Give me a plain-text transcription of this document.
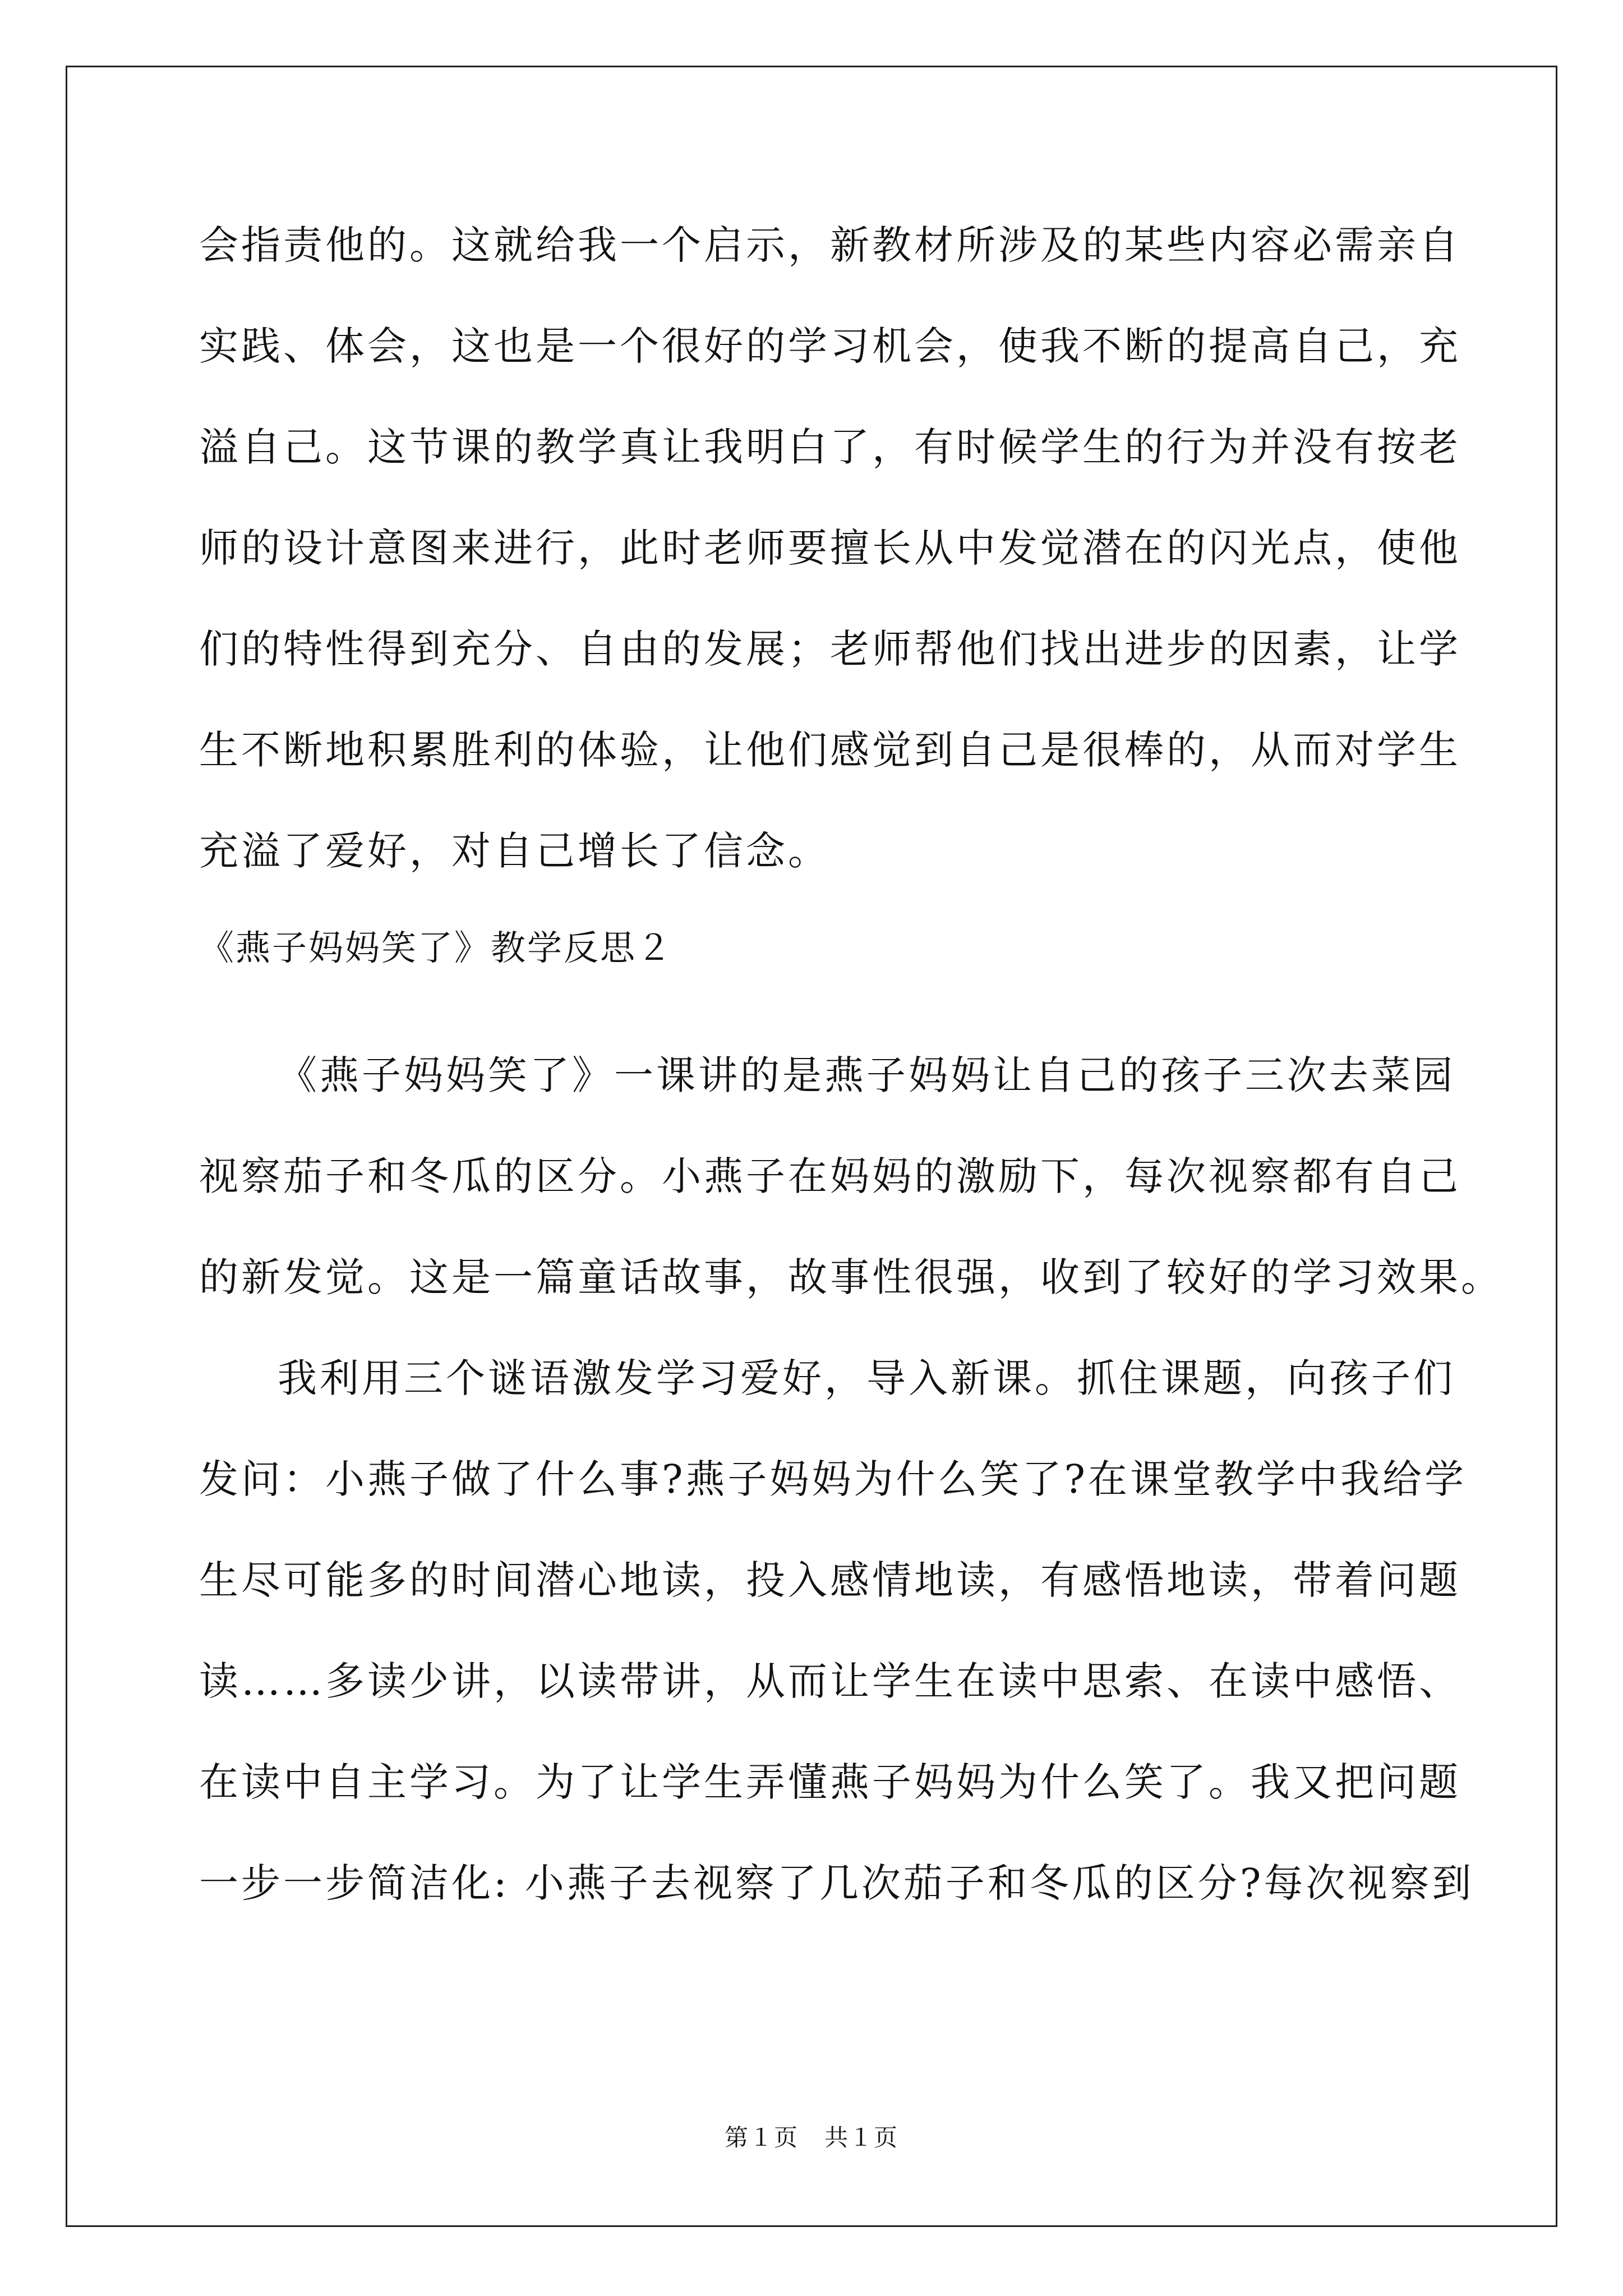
会指责他的。这就给我一个启示，新教材所涉及的某些内容必需亲自
实践、体会，这也是一个很好的学习机会，使我不断的提高自己，充
溢自己。这节课的教学真让我明白了，有时候学生的行为并没有按老
师的设计意图来进行，此时老师要擅长从中发觉潜在的闪光点，使他
们的特性得到充分、自由的发展；老师帮他们找出进步的因素，让学
生不断地积累胜利的体验，让他们感觉到自己是很棒的，从而对学生
充溢了爱好，对自己增长了信念。
《燕子妈妈笑了》教学反思２
《燕子妈妈笑了》一课讲的是燕子妈妈让自己的孩子三次去菜园
视察茄子和冬瓜的区分。小燕子在妈妈的激励下，每次视察都有自己
的新发觉。这是一篇童话故事，故事性很强，收到了较好的学习效果。
我利用三个谜语激发学习爱好，导入新课。抓住课题，向孩子们
发问：小燕子做了什么事?燕子妈妈为什么笑了?在课堂教学中我给学
生尽可能多的时间潜心地读，投入感情地读，有感悟地读，带着问题
读……多读少讲，以读带讲，从而让学生在读中思索、在读中感悟、
在读中自主学习。为了让学生弄懂燕子妈妈为什么笑了。我又把问题
一步一步简洁化: 小燕子去视察了几次茄子和冬瓜的区分?每次视察到
第１页   共１页
